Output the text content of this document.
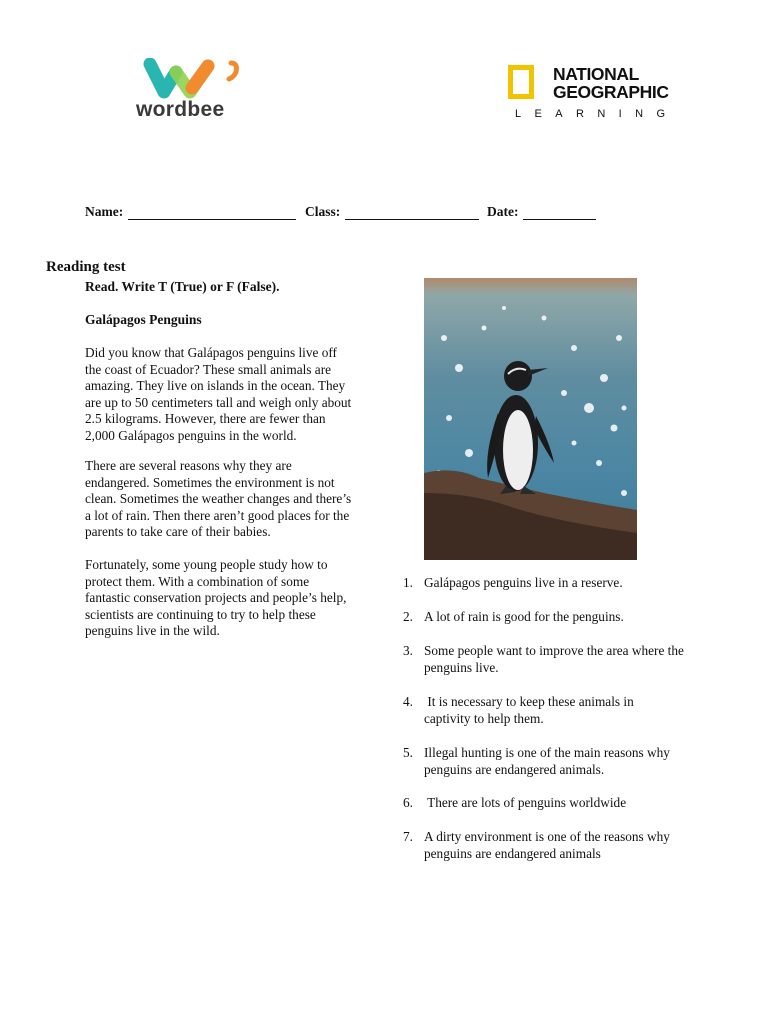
wordbee
NATIONAL
GEOGRAPHIC
LEARNING
Name:	Class:	Date:
Reading test
Read. Write T (True) or F (False).
Galápagos Penguins
Did you know that Galápagos penguins live off
the coast of Ecuador? These small animals are
amazing. They live on islands in the ocean. They
are up to 50 centimeters tall and weigh only about
2.5 kilograms. However, there are fewer than
2,000 Galápagos penguins in the world.
There are several reasons why they are
endangered. Sometimes the environment is not
clean. Sometimes the weather changes and there’s
a lot of rain. Then there aren’t good places for the
parents to take care of their babies.
Fortunately, some young people study how to
protect them. With a combination of some
fantastic conservation projects and people’s help,
scientists are continuing to try to help these
penguins live in the wild.
1. Galápagos penguins live in a reserve.
2. A lot of rain is good for the penguins.
3. Some people want to improve the area where the
penguins live.
4. It is necessary to keep these animals in
captivity to help them.
5. Illegal hunting is one of the main reasons why
penguins are endangered animals.
6. There are lots of penguins worldwide
7. A dirty environment is one of the reasons why
penguins are endangered animals
